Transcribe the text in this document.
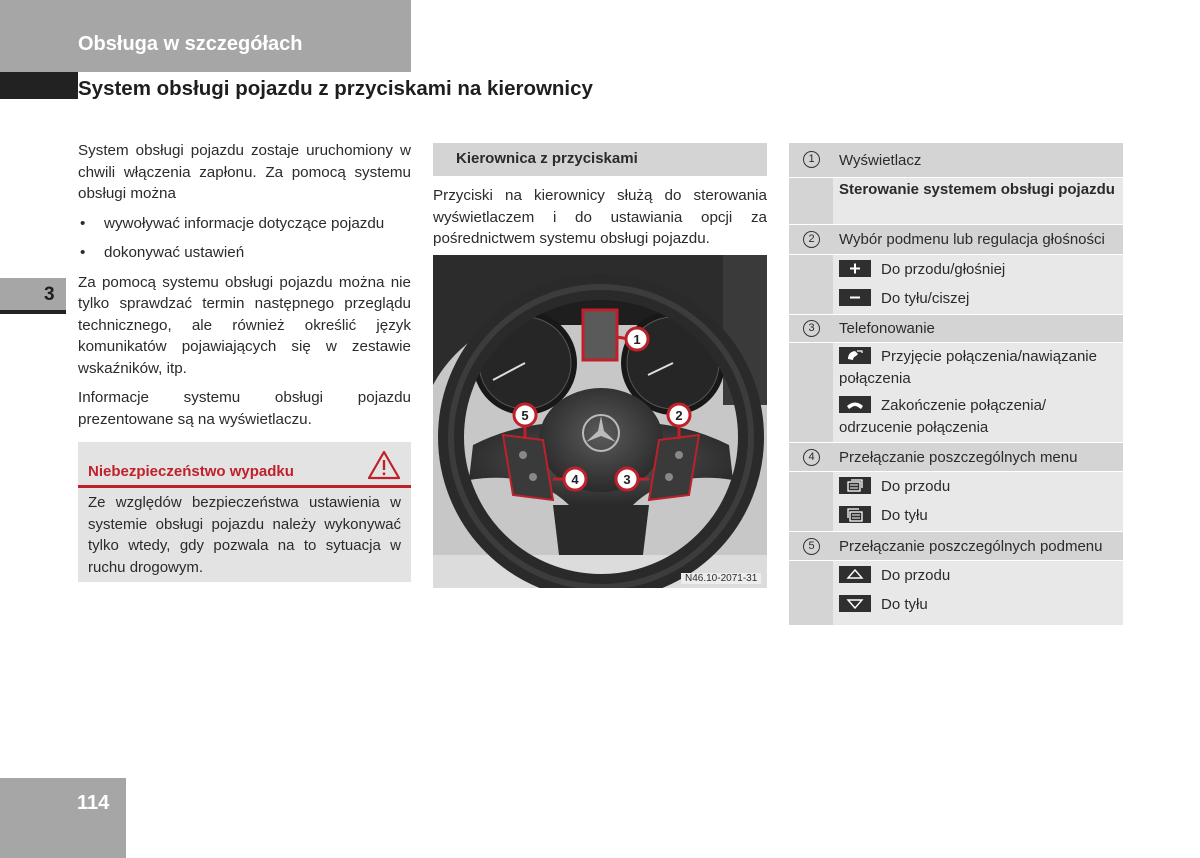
Obsługa w szczegółach
System obsługi pojazdu z przyciskami na kierownicy
3
114

System obsługi pojazdu zostaje uruchomiony w chwili włączenia zapłonu. Za pomocą systemu obsługi można

• wywoływać informacje dotyczące pojazdu
• dokonywać ustawień

Za pomocą systemu obsługi pojazdu można nie tylko sprawdzać termin następnego przeglądu technicznego, ale również określić język komunikatów pojawiających się w zestawie wskaźników, itp.

Informacje systemu obsługi pojazdu prezentowane są na wyświetlaczu.

Niebezpieczeństwo wypadku
Ze względów bezpieczeństwa ustawienia w systemie obsługi pojazdu należy wykonywać tylko wtedy, gdy pozwala na to sytuacja w ruchu drogowym.
Kierownica z przyciskami
Przyciski na kierownicy służą do sterowania wyświetlaczem i do ustawiania opcji za pośrednictwem systemu obsługi pojazdu.
1
2
3
4
5
N46.10-2071-31
1	Wyświetlacz
Sterowanie systemem obsługi pojazdu
2	Wybór podmenu lub regulacja głośności
Do przodu/głośniej
Do tyłu/ciszej
3	Telefonowanie
Przyjęcie połączenia/nawiązanie połączenia
Zakończenie połączenia/ odrzucenie połączenia
4	Przełączanie poszczególnych menu
Do przodu
Do tyłu
5	Przełączanie poszczególnych podmenu
Do przodu
Do tyłu
